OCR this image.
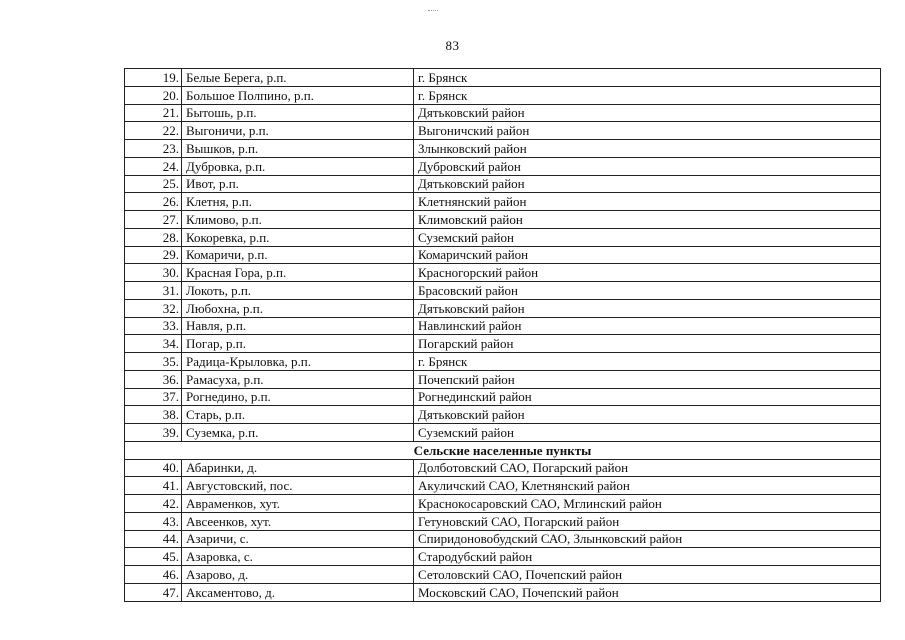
83
19.	Белые Берега, р.п.	г. Брянск
20.	Большое Полпино, р.п.	г. Брянск
21.	Бытошь, р.п.	Дятьковский район
22.	Выгоничи, р.п.	Выгоничский район
23.	Вышков, р.п.	Злынковский район
24.	Дубровка, р.п.	Дубровский район
25.	Ивот, р.п.	Дятьковский район
26.	Клетня, р.п.	Клетнянский район
27.	Климово, р.п.	Климовский район
28.	Кокоревка, р.п.	Суземский район
29.	Комаричи, р.п.	Комаричский район
30.	Красная Гора, р.п.	Красногорский район
31.	Локоть, р.п.	Брасовский район
32.	Любохна, р.п.	Дятьковский район
33.	Навля, р.п.	Навлинский район
34.	Погар, р.п.	Погарский район
35.	Радица-Крыловка, р.п.	г. Брянск
36.	Рамасуха, р.п.	Почепский район
37.	Рогнедино, р.п.	Рогнединский район
38.	Старь, р.п.	Дятьковский район
39.	Суземка, р.п.	Суземский район
Сельские населенные пункты		
40.	Абаринки, д.	Долботовский САО, Погарский район
41.	Августовский, пос.	Акуличский САО, Клетнянский район
42.	Авраменков, хут.	Краснокосаровский САО, Мглинский район
43.	Авсеенков, хут.	Гетуновский САО, Погарский район
44.	Азаричи, с.	Спиридоновобудский САО, Злынковский район
45.	Азаровка, с.	Стародубский район
46.	Азарово, д.	Сетоловский САО, Почепский район
47.	Аксаментово, д.	Московский САО, Почепский район
